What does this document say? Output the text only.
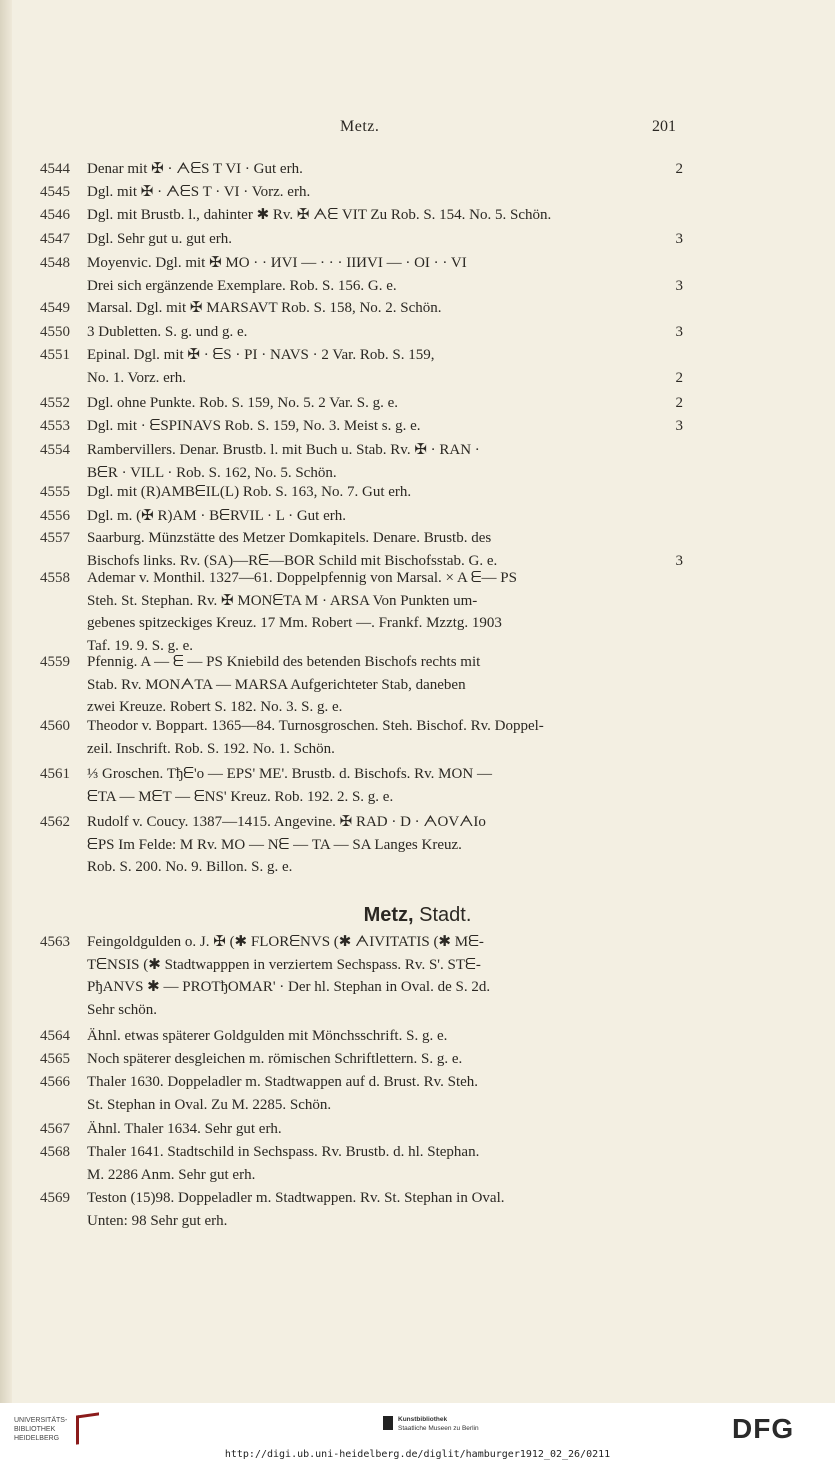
Metz.	201
4544	Denar mit ✠ · ᗅᗴS T VI · Gut erh.	2
4545	Dgl. mit ✠ · ᗅᗴS T · VI · Vorz. erh.
4546	Dgl. mit Brustb. l., dahinter ✱ Rv. ✠ ᗅᗴ VIT Zu Rob. S. 154. No. 5. Schön.
4547	Dgl. Sehr gut u. gut erh.	3
4548	Moyenvic. Dgl. mit ✠ MO · · ИVI — · · · IIИVI — · OI · · VI
Drei sich ergänzende Exemplare. Rob. S. 156. G. e.	3
4549	Marsal. Dgl. mit ✠ MARSAVT Rob. S. 158, No. 2. Schön.
4550	3 Dubletten. S. g. und g. e.	3
4551	Epinal. Dgl. mit ✠ · ᗴS · PI · NAVS · 2 Var. Rob. S. 159,
No. 1. Vorz. erh.	2
4552	Dgl. ohne Punkte. Rob. S. 159, No. 5. 2 Var. S. g. e.	2
4553	Dgl. mit · ᗴSPINAVS Rob. S. 159, No. 3. Meist s. g. e.	3
4554	Rambervillers. Denar. Brustb. l. mit Buch u. Stab. Rv. ✠ · RAN ·
BᗴR · VILL · Rob. S. 162, No. 5. Schön.
4555	Dgl. mit (R)AMBᗴIL(L) Rob. S. 163, No. 7. Gut erh.
4556	Dgl. m. (✠ R)AM · BᗴRVIL · L · Gut erh.
4557	Saarburg. Münzstätte des Metzer Domkapitels. Denare. Brustb. des
Bischofs links. Rv. (SA)—Rᗴ—BOR Schild mit Bischofsstab. G. e.	3
4558	Ademar v. Monthil. 1327—61. Doppelpfennig von Marsal. × A ᗴ— PS
Steh. St. Stephan. Rv. ✠ MONᗴTA M · ARSA Von Punkten um-
gebenes spitzeckiges Kreuz. 17 Mm. Robert —. Frankf. Mzztg. 1903
Taf. 19. 9. S. g. e.
4559	Pfennig. A — ᗴ — PS Kniebild des betenden Bischofs rechts mit
Stab. Rv. MONᗅTA — MARSA Aufgerichteter Stab, daneben
zwei Kreuze. Robert S. 182. No. 3. S. g. e.
4560	Theodor v. Boppart. 1365—84. Turnosgroschen. Steh. Bischof. Rv. Doppel-
zeil. Inschrift. Rob. S. 192. No. 1. Schön.
4561	⅓ Groschen. Tђᗴ'o — EPS' ME'. Brustb. d. Bischofs. Rv. MON —
ᗴTA — MᗴT — ᗴNS' Kreuz. Rob. 192. 2. S. g. e.
4562	Rudolf v. Coucy. 1387—1415. Angevine. ✠ RAD · D · ᗅOVᗅIo
ᗴPS Im Felde: M Rv. MO — Nᗴ — TA — SA Langes Kreuz.
Rob. S. 200. No. 9. Billon. S. g. e.
Metz, Stadt.
4563	Feingoldgulden o. J. ✠ (✱ FLORᗴNVS (✱ ᗅIVITATIS (✱ Mᗴ-
TᗴNSIS (✱ Stadtwapppen in verziertem Sechspass. Rv. S'. STᗴ-
PђANVS ✱ — PROTђOMAR' · Der hl. Stephan in Oval. de S. 2d.
Sehr schön.
4564	Ähnl. etwas späterer Goldgulden mit Mönchsschrift. S. g. e.
4565	Noch späterer desgleichen m. römischen Schriftlettern. S. g. e.
4566	Thaler 1630. Doppeladler m. Stadtwappen auf d. Brust. Rv. Steh.
St. Stephan in Oval. Zu M. 2285. Schön.
4567	Ähnl. Thaler 1634. Sehr gut erh.
4568	Thaler 1641. Stadtschild in Sechspass. Rv. Brustb. d. hl. Stephan.
M. 2286 Anm. Sehr gut erh.
4569	Teston (15)98. Doppeladler m. Stadtwappen. Rv. St. Stephan in Oval.
Unten: 98 Sehr gut erh.
UNIVERSITÄTS-
BIBLIOTHEK
HEIDELBERG
Kunstbibliothek
Staatliche Museen zu Berlin	DFG
http://digi.ub.uni-heidelberg.de/diglit/hamburger1912_02_26/0211
